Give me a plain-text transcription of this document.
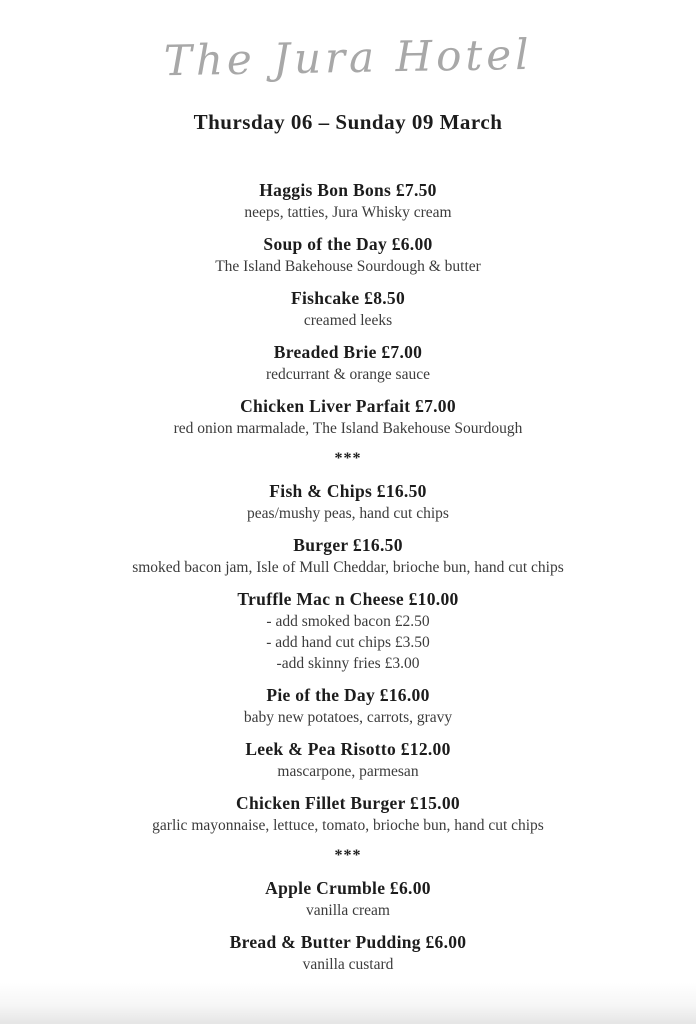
The Jura Hotel
Thursday 06 – Sunday 09 March
Haggis Bon Bons £7.50
neeps, tatties, Jura Whisky cream
Soup of the Day £6.00
The Island Bakehouse Sourdough & butter
Fishcake £8.50
creamed leeks
Breaded Brie £7.00
redcurrant & orange sauce
Chicken Liver Parfait £7.00
red onion marmalade, The Island Bakehouse Sourdough
***
Fish & Chips £16.50
peas/mushy peas, hand cut chips
Burger £16.50
smoked bacon jam, Isle of Mull Cheddar, brioche bun, hand cut chips
Truffle Mac n Cheese £10.00
- add smoked bacon £2.50
- add hand cut chips £3.50
-add skinny fries £3.00
Pie of the Day £16.00
baby new potatoes, carrots, gravy
Leek & Pea Risotto £12.00
mascarpone, parmesan
Chicken Fillet Burger £15.00
garlic mayonnaise, lettuce, tomato, brioche bun, hand cut chips
***
Apple Crumble £6.00
vanilla cream
Bread & Butter Pudding £6.00
vanilla custard
